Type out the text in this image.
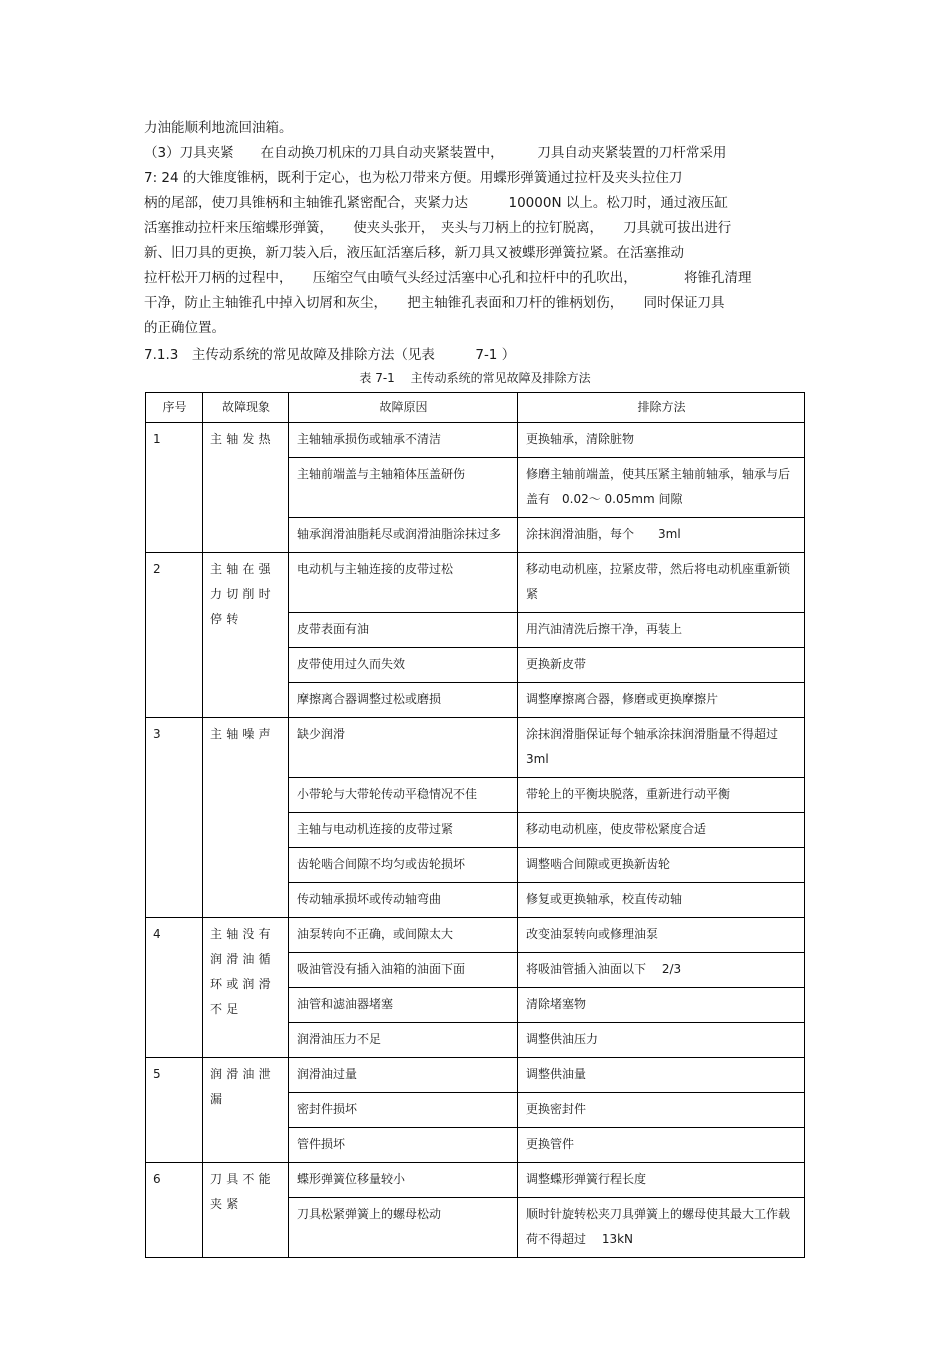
力油能顺利地流回油箱。
（3）刀具夹紧　　在自动换刀机床的刀具自动夹紧装置中，　　　刀具自动夹紧装置的刀杆常采用
7: 24 的大锥度锥柄，既利于定心，也为松刀带来方便。用蝶形弹簧通过拉杆及夹头拉住刀
柄的尾部，使刀具锥柄和主轴锥孔紧密配合，夹紧力达　　　10000N 以上。松刀时，通过液压缸
活塞推动拉杆来压缩蝶形弹簧，　　使夹头张开，　夹头与刀柄上的拉钉脱离，　　刀具就可拔出进行
新、旧刀具的更换，新刀装入后，液压缸活塞后移，新刀具又被蝶形弹簧拉紧。在活塞推动
拉杆松开刀柄的过程中，　　压缩空气由喷气头经过活塞中心孔和拉杆中的孔吹出，　　　　将锥孔清理
干净，防止主轴锥孔中掉入切屑和灰尘，　　把主轴锥孔表面和刀杆的锥柄划伤，　　同时保证刀具
的正确位置。
7.1.3　主传动系统的常见故障及排除方法（见表　　　7-1 ）
表 7-1　 主传动系统的常见故障及排除方法
序号	故障现象	故障原因	排除方法
1	主轴发热	主轴轴承损伤或轴承不清洁	更换轴承，清除脏物
		主轴前端盖与主轴箱体压盖研伤	修磨主轴前端盖，使其压紧主轴前轴承，轴承与后盖有　0.02～ 0.05mm 间隙
		轴承润滑油脂耗尽或润滑油脂涂抹过多	涂抹润滑油脂，每个　　3ml
2	主轴在强力切削时停转	电动机与主轴连接的皮带过松	移动电动机座，拉紧皮带，然后将电动机座重新锁紧
		皮带表面有油	用汽油清洗后擦干净，再装上
		皮带使用过久而失效	更换新皮带
		摩擦离合器调整过松或磨损	调整摩擦离合器，修磨或更换摩擦片
3	主轴噪声	缺少润滑	涂抹润滑脂保证每个轴承涂抹润滑脂量不得超过　3ml
		小带轮与大带轮传动平稳情况不佳	带轮上的平衡块脱落，重新进行动平衡
		主轴与电动机连接的皮带过紧	移动电动机座，使皮带松紧度合适
		齿轮啮合间隙不均匀或齿轮损坏	调整啮合间隙或更换新齿轮
		传动轴承损坏或传动轴弯曲	修复或更换轴承，校直传动轴
4	主轴没有润滑油循环或润滑不足	油泵转向不正确，或间隙太大	改变油泵转向或修理油泵
		吸油管没有插入油箱的油面下面	将吸油管插入油面以下　 2/3
		油管和滤油器堵塞	清除堵塞物
		润滑油压力不足	调整供油压力
5	润滑油泄漏	润滑油过量	调整供油量
		密封件损坏	更换密封件
		管件损坏	更换管件
6	刀具不能夹紧	蝶形弹簧位移量较小	调整蝶形弹簧行程长度
		刀具松紧弹簧上的螺母松动	顺时针旋转松夹刀具弹簧上的螺母使其最大工作载荷不得超过　 13kN
